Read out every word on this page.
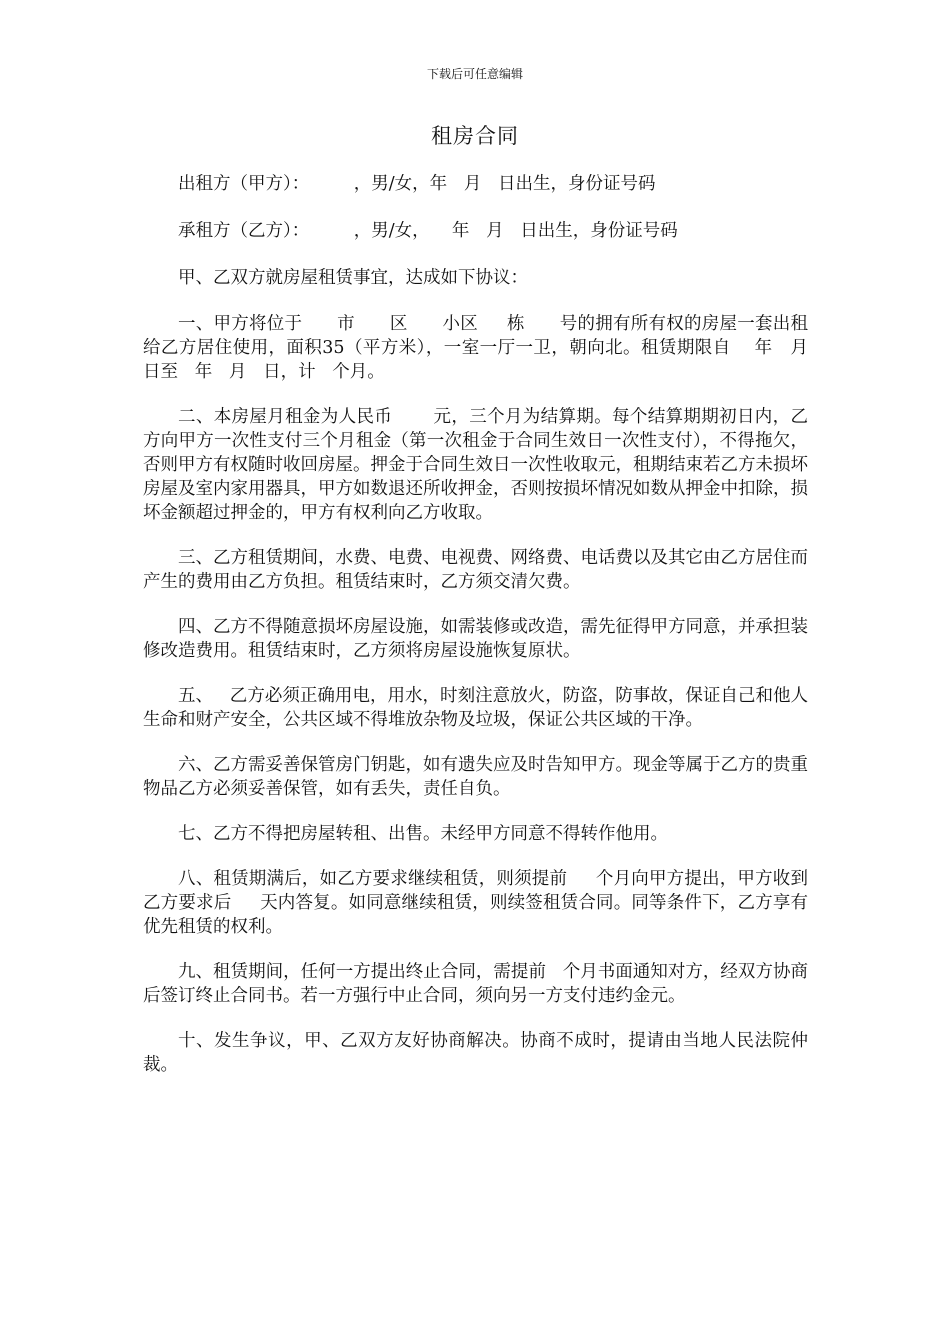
下载后可任意编辑
租房合同

出租方（甲方）：        ，男/女，年   月   日出生，身份证号码

承租方（乙方）：        ，男/女，    年   月   日出生，身份证号码

甲、乙双方就房屋租赁事宜，达成如下协议：

一、甲方将位于      市      区      小区     栋      号的拥有所有权的房屋一套出租给乙方居住使用，面积35（平方米），一室一厅一卫，朝向北。租赁期限自    年   月   日至   年   月   日，计   个月。

二、本房屋月租金为人民币       元，三个月为结算期。每个结算期期初日内，乙方向甲方一次性支付三个月租金（第一次租金于合同生效日一次性支付），不得拖欠，否则甲方有权随时收回房屋。押金于合同生效日一次性收取元，租期结束若乙方未损坏房屋及室内家用器具，甲方如数退还所收押金，否则按损坏情况如数从押金中扣除，损坏金额超过押金的，甲方有权利向乙方收取。

三、乙方租赁期间，水费、电费、电视费、网络费、电话费以及其它由乙方居住而产生的费用由乙方负担。租赁结束时，乙方须交清欠费。

四、乙方不得随意损坏房屋设施，如需装修或改造，需先征得甲方同意，并承担装修改造费用。租赁结束时，乙方须将房屋设施恢复原状。

五、   乙方必须正确用电，用水，时刻注意放火，防盗，防事故，保证自己和他人生命和财产安全，公共区域不得堆放杂物及垃圾，保证公共区域的干净。

六、乙方需妥善保管房门钥匙，如有遗失应及时告知甲方。现金等属于乙方的贵重物品乙方必须妥善保管，如有丢失，责任自负。

七、乙方不得把房屋转租、出售。未经甲方同意不得转作他用。

八、租赁期满后，如乙方要求继续租赁，则须提前     个月向甲方提出，甲方收到乙方要求后     天内答复。如同意继续租赁，则续签租赁合同。同等条件下，乙方享有优先租赁的权利。

九、租赁期间，任何一方提出终止合同，需提前   个月书面通知对方，经双方协商后签订终止合同书。若一方强行中止合同，须向另一方支付违约金元。

十、发生争议，甲、乙双方友好协商解决。协商不成时，提请由当地人民法院仲裁。
